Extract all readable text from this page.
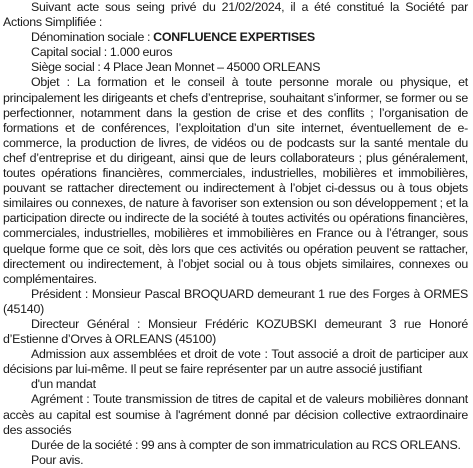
Suivant acte sous seing privé du 21/02/2024, il a été constitué la Société par Actions Simplifiée :

Dénomination sociale : CONFLUENCE EXPERTISES

Capital social : 1.000 euros

Siège social : 4 Place Jean Monnet – 45000 ORLEANS

Objet : La formation et le conseil à toute personne morale ou physique, et principalement les dirigeants et chefs d’entreprise, souhaitant s’informer, se former ou se perfectionner, notamment dans la gestion de crise et des conflits ; l’organisation de formations et de conférences, l’exploitation d’un site internet, éventuellement de e-commerce, la production de livres, de vidéos ou de podcasts sur la santé mentale du chef d’entreprise et du dirigeant, ainsi que de leurs collaborateurs ; plus généralement, toutes opérations financières, commerciales, industrielles, mobilières et immobilières, pouvant se rattacher directement ou indirectement à l’objet ci-dessus ou à tous objets similaires ou connexes, de nature à favoriser son extension ou son développement ; et la participation directe ou indirecte de la société à toutes activités ou opérations financières, commerciales, industrielles, mobilières et immobilières en France ou à l’étranger, sous quelque forme que ce soit, dès lors que ces activités ou opération peuvent se rattacher, directement ou indirectement, à l’objet social ou à tous objets similaires, connexes ou complémentaires.

Président : Monsieur Pascal BROQUARD demeurant 1 rue des Forges à ORMES (45140)

Directeur Général : Monsieur Frédéric KOZUBSKI demeurant 3 rue Honoré d’Estienne d’Orves à ORLEANS (45100)

Admission aux assemblées et droit de vote : Tout associé a droit de participer aux décisions par lui-même. Il peut se faire représenter par un autre associé justifiant

d'un mandat

Agrément : Toute transmission de titres de capital et de valeurs mobilières donnant accès au capital est soumise à l'agrément donné par décision collective extraordinaire des associés

Durée de la société : 99 ans à compter de son immatriculation au RCS ORLEANS.

Pour avis.
